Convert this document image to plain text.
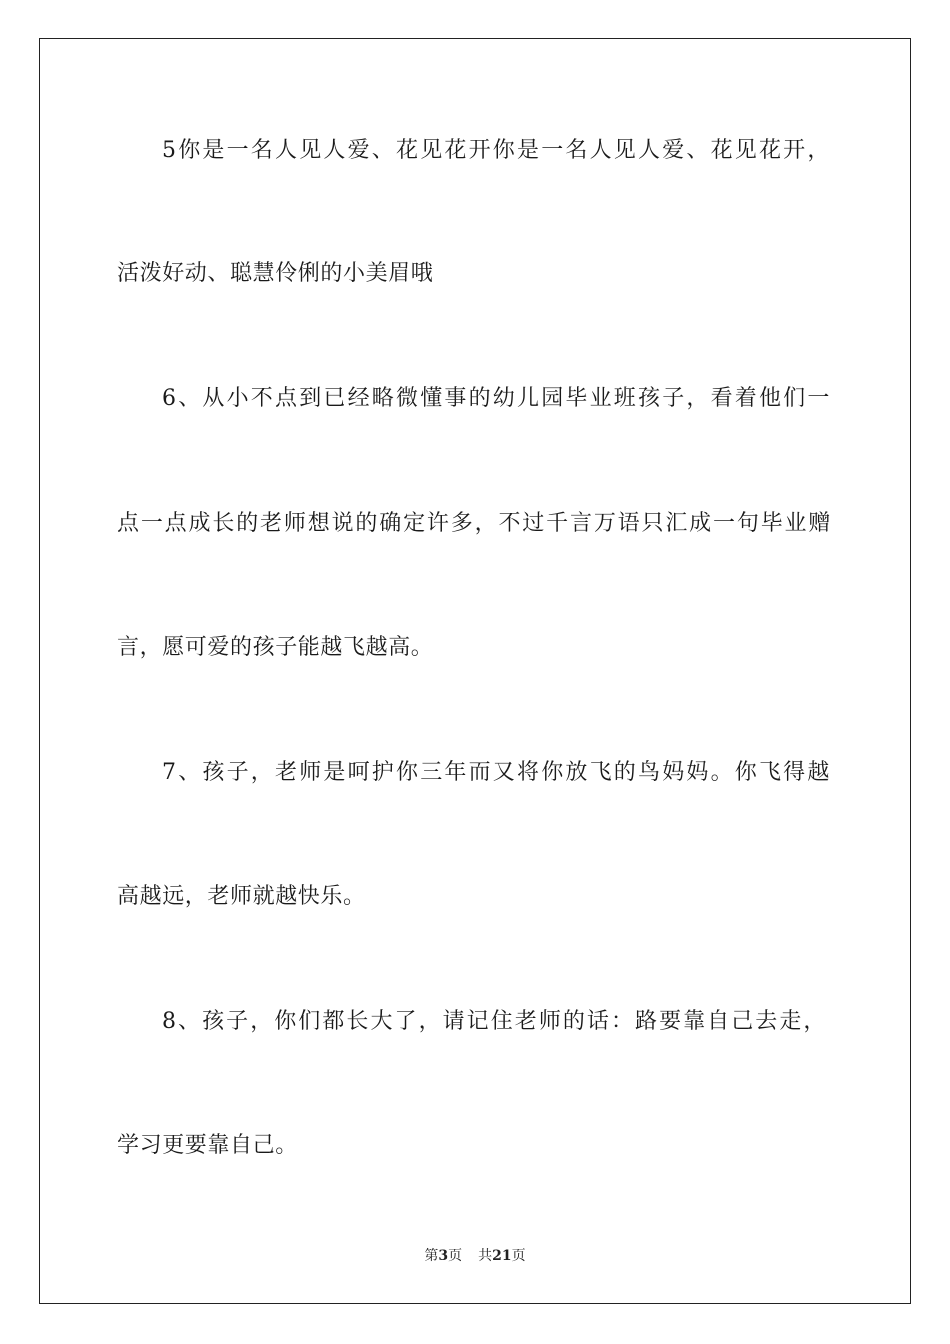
5你是一名人见人爱、花见花开你是一名人见人爱、花见花开，
活泼好动、聪慧伶俐的小美眉哦
6、从小不点到已经略微懂事的幼儿园毕业班孩子，看着他们一
点一点成长的老师想说的确定许多，不过千言万语只汇成一句毕业赠
言，愿可爱的孩子能越飞越高。
7、孩子，老师是呵护你三年而又将你放飞的鸟妈妈。你飞得越
高越远，老师就越快乐。
8、孩子，你们都长大了，请记住老师的话：路要靠自己去走，
学习更要靠自己。
第3页 共21页
